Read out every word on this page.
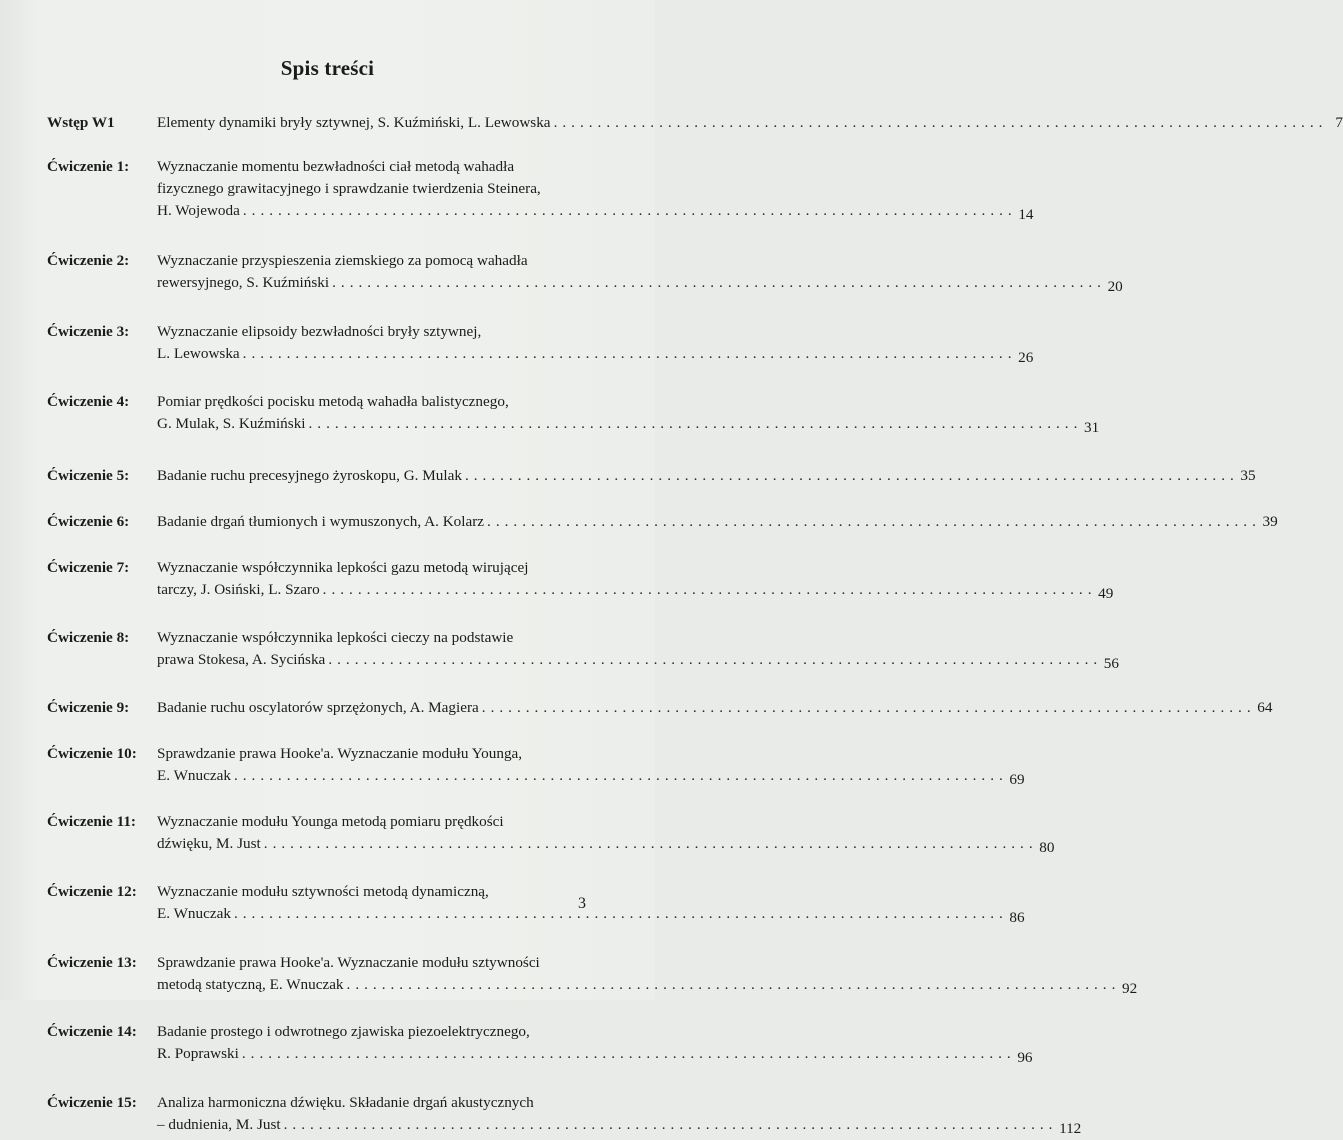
Spis treści
Wstęp W1	Elementy dynamiki bryły sztywnej, S. Kuźmiński, L. Lewowska . . .	7
Ćwiczenie 1:	Wyznaczanie momentu bezwładności ciał metodą wahadła
fizycznego grawitacyjnego i sprawdzanie twierdzenia Steinera,
H. Wojewoda . . .	14
Ćwiczenie 2:	Wyznaczanie przyspieszenia ziemskiego za pomocą wahadła
rewersyjnego, S. Kuźmiński . . .	20
Ćwiczenie 3:	Wyznaczanie elipsoidy bezwładności bryły sztywnej,
L. Lewowska . . .	26
Ćwiczenie 4:	Pomiar prędkości pocisku metodą wahadła balistycznego,
G. Mulak, S. Kuźmiński . . .	31
Ćwiczenie 5:	Badanie ruchu precesyjnego żyroskopu, G. Mulak . . .	35
Ćwiczenie 6:	Badanie drgań tłumionych i wymuszonych, A. Kolarz . . .	39
Ćwiczenie 7:	Wyznaczanie współczynnika lepkości gazu metodą wirującej
tarczy, J. Osiński, L. Szaro . . .	49
Ćwiczenie 8:	Wyznaczanie współczynnika lepkości cieczy na podstawie
prawa Stokesa, A. Sycińska . . .	56
Ćwiczenie 9:	Badanie ruchu oscylatorów sprzężonych, A. Magiera . . .	64
Ćwiczenie 10:	Sprawdzanie prawa Hooke'a. Wyznaczanie modułu Younga,
E. Wnuczak . . .	69
Ćwiczenie 11:	Wyznaczanie modułu Younga metodą pomiaru prędkości
dźwięku, M. Just . . .	80
Ćwiczenie 12:	Wyznaczanie modułu sztywności metodą dynamiczną,
E. Wnuczak . . .	86
Ćwiczenie 13:	Sprawdzanie prawa Hooke'a. Wyznaczanie modułu sztywności
metodą statyczną, E. Wnuczak . . .	92
Ćwiczenie 14:	Badanie prostego i odwrotnego zjawiska piezoelektrycznego,
R. Poprawski . . .	96
Ćwiczenie 15:	Analiza harmoniczna dźwięku. Składanie drgań akustycznych
– dudnienia, M. Just . . .	112
3
